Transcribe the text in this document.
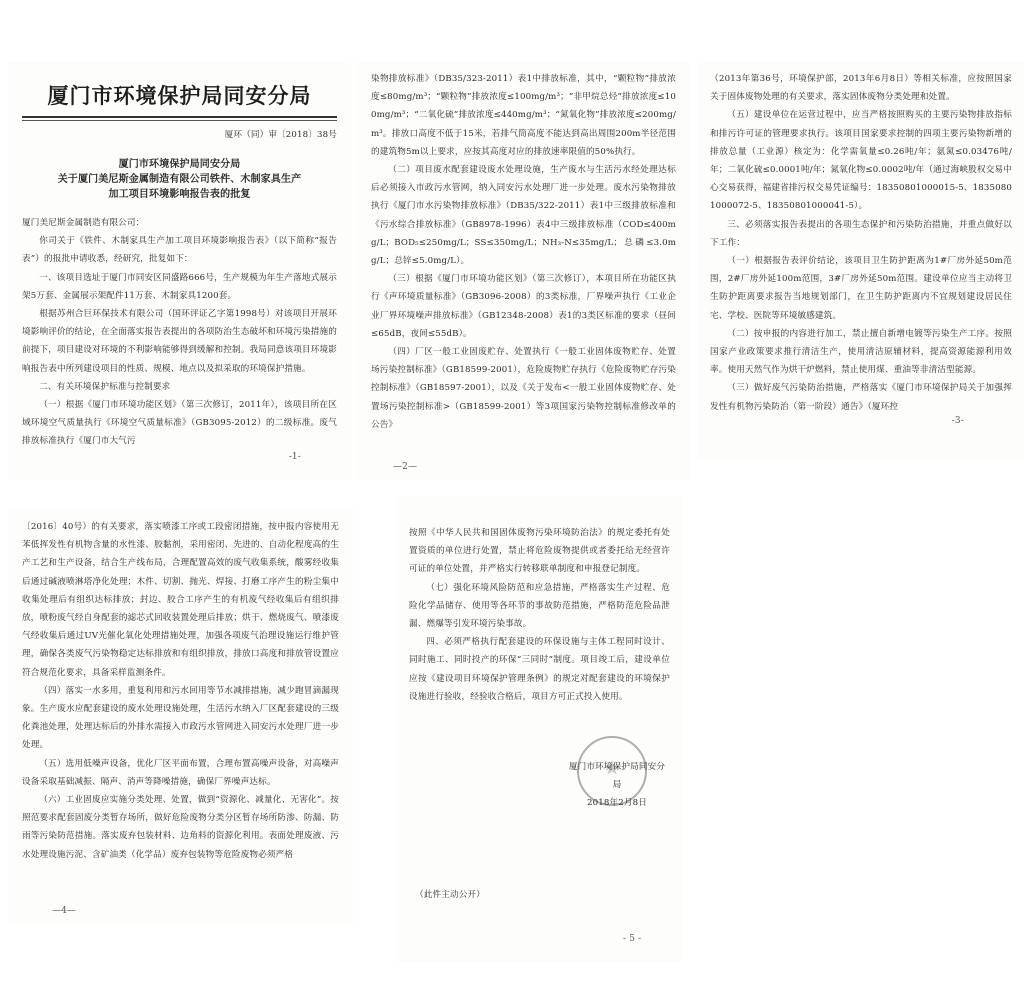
厦门市环境保护局同安分局
厦环（同）审〔2018〕38号
厦门市环境保护局同安分局
关于厦门美尼斯金属制造有限公司铁件、木制家具生产
加工项目环境影响报告表的批复

厦门美尼斯金属制造有限公司：

你司关于《铁件、木制家具生产加工项目环境影响报告表》（以下简称“报告表”）的报批申请收悉，经研究，批复如下：

一、该项目选址于厦门市同安区同盛路666号，生产规模为年生产落地式展示架5万套、金属展示架配件11万套、木制家具1200套。

根据苏州合巨环保技术有限公司（国环评证乙字第1998号）对该项目开展环境影响评价的结论，在全面落实报告表提出的各项防治生态破坏和环境污染措施的前提下，项目建设对环境的不利影响能够得到缓解和控制。我局同意该项目环境影响报告表中所列建设项目的性质、规模、地点以及拟采取的环境保护措施。

二、有关环境保护标准与控制要求

（一）根据《厦门市环境功能区划》（第三次修订，2011年），该项目所在区域环境空气质量执行《环境空气质量标准》（GB3095-2012）的二级标准。废气排放标准执行《厦门市大气污

-1-

染物排放标准》（DB35/323-2011）表1中排放标准，其中，“颗粒物”排放浓度≤80mg/m³；“颗粒物”排放浓度≤100mg/m³；“非甲烷总烃”排放浓度≤100mg/m³；“二氧化硫”排放浓度≤440mg/m³；“氮氧化物”排放浓度≤200mg/m³。排放口高度不低于15米，若排气筒高度不能达到高出周围200m半径范围的建筑物5m以上要求，应按其高度对应的排放速率限值的50%执行。

（二）项目废水配套建设废水处理设施，生产废水与生活污水经处理达标后必须接入市政污水管网，纳入同安污水处理厂进一步处理。废水污染物排放执行《厦门市水污染物排放标准》（DB35/322-2011）表1中三级排放标准和《污水综合排放标准》（GB8978-1996）表4中三级排放标准（COD≤400mg/L；BOD₅≤250mg/L；SS≤350mg/L；NH₃-N≤35mg/L；总磷≤3.0mg/L；总锌≤5.0mg/L）。

（三）根据《厦门市环境功能区划》（第三次修订），本项目所在功能区执行《声环境质量标准》（GB3096-2008）的3类标准，厂界噪声执行《工业企业厂界环境噪声排放标准》（GB12348-2008）表1的3类区标准的要求（昼间≤65dB，夜间≤55dB）。

（四）厂区一般工业固废贮存、处置执行《一般工业固体废物贮存、处置场污染控制标准》（GB18599-2001），危险废物贮存执行《危险废物贮存污染控制标准》（GB18597-2001），以及《关于发布<一般工业固体废物贮存、处置场污染控制标准>（GB18599-2001）等3项国家污染物控制标准修改单的公告》

—2—

（2013年第36号，环境保护部，2013年6月8日）等相关标准，应按照国家关于固体废物处理的有关要求，落实固体废物分类处理和处置。

（五）建设单位在运营过程中，应当严格按照购买的主要污染物排放指标和排污许可证的管理要求执行。该项目国家要求控制的四项主要污染物新增的排放总量（工业源）核定为：化学需氧量≤0.26吨/年；氨氮≤0.03476吨/年；二氧化硫≤0.0001吨/年；氮氧化物≤0.0002吨/年（通过海峡股权交易中心交易获得，福建省排污权交易凭证编号：18350801000015-5、18350801000072-5、18350801000041-5）。

三、必须落实报告表提出的各项生态保护和污染防治措施，并重点做好以下工作：

（一）根据报告表评价结论，该项目卫生防护距离为1#厂房外延50m范围，2#厂房外延100m范围，3#厂房外延50m范围。建设单位应当主动将卫生防护距离要求报告当地规划部门，在卫生防护距离内不宜规划建设居民住宅、学校、医院等环境敏感建筑。

（二）按申报的内容进行加工，禁止擅自新增电镀等污染生产工序。按照国家产业政策要求推行清洁生产，使用清洁原辅材料，提高资源能源利用效率。使用天然气作为烘干炉燃料，禁止使用煤、重油等非清洁型能源。

（三）做好废气污染防治措施，严格落实《厦门市环境保护局关于加强挥发性有机物污染防治（第一阶段）通告》（厦环控

-3-

〔2016〕40号）的有关要求，落实喷漆工序或工段密闭措施，按申报内容使用无苯低挥发性有机物含量的水性漆、胶黏剂，采用密闭、先进的、自动化程度高的生产工艺和生产设备，结合生产线布局，合理配置高效的废气收集系统，酸雾经收集后通过碱液喷淋塔净化处理；木件、切割、抛光、焊接、打磨工序产生的粉尘集中收集处理后有组织达标排放；封边、胶合工序产生的有机废气经收集后有组织排放，喷粉废气经自身配套的滤芯式回收装置处理后排放；烘干、燃烧废气、喷漆废气经收集后通过UV光催化氧化处理措施处理，加强各项废气治理设施运行维护管理，确保各类废气污染物稳定达标排放和有组织排放，排放口高度和排放管设置应符合规范化要求，具备采样监测条件。

（四）落实一水多用，重复利用和污水回用等节水减排措施，减少跑冒滴漏现象。生产废水应配套建设的废水处理设施处理，生活污水纳入厂区配套建设的三级化粪池处理，处理达标后的外排水需接入市政污水管网进入同安污水处理厂进一步处理。

（五）选用低噪声设备，优化厂区平面布置，合理布置高噪声设备，对高噪声设备采取基础减振、隔声、消声等降噪措施，确保厂界噪声达标。

（六）工业固废应实施分类处理、处置，做到“资源化、减量化、无害化”。按照范要求配套固废分类暂存场所，做好危险废物分类分区暂存场所防渗、防漏、防雨等污染防范措施。落实废弃包装材料、边角料的资源化利用。表面处理废液、污水处理设施污泥、含矿油类（化学品）废弃包装物等危险废物必须严格

—4—

按照《中华人民共和国固体废物污染环境防治法》的规定委托有处置资质的单位进行处置，禁止将危险废物提供或者委托给无经营许可证的单位处置，并严格实行转移联单制度和申报登记制度。

（七）强化环境风险防范和应急措施，严格落实生产过程、危险化学品储存、使用等各环节的事故防范措施，严格防范危险品泄漏、燃爆等引发环境污染事故。

四、必须严格执行配套建设的环保设施与主体工程同时设计、同时施工、同时投产的环保“三同时”制度。项目竣工后，建设单位应按《建设项目环境保护管理条例》的规定对配套建设的环境保护设施进行验收，经验收合格后，项目方可正式投入使用。

厦门市环境保护局同安分局
2018年2月8日
（此件主动公开）
- 5 -
